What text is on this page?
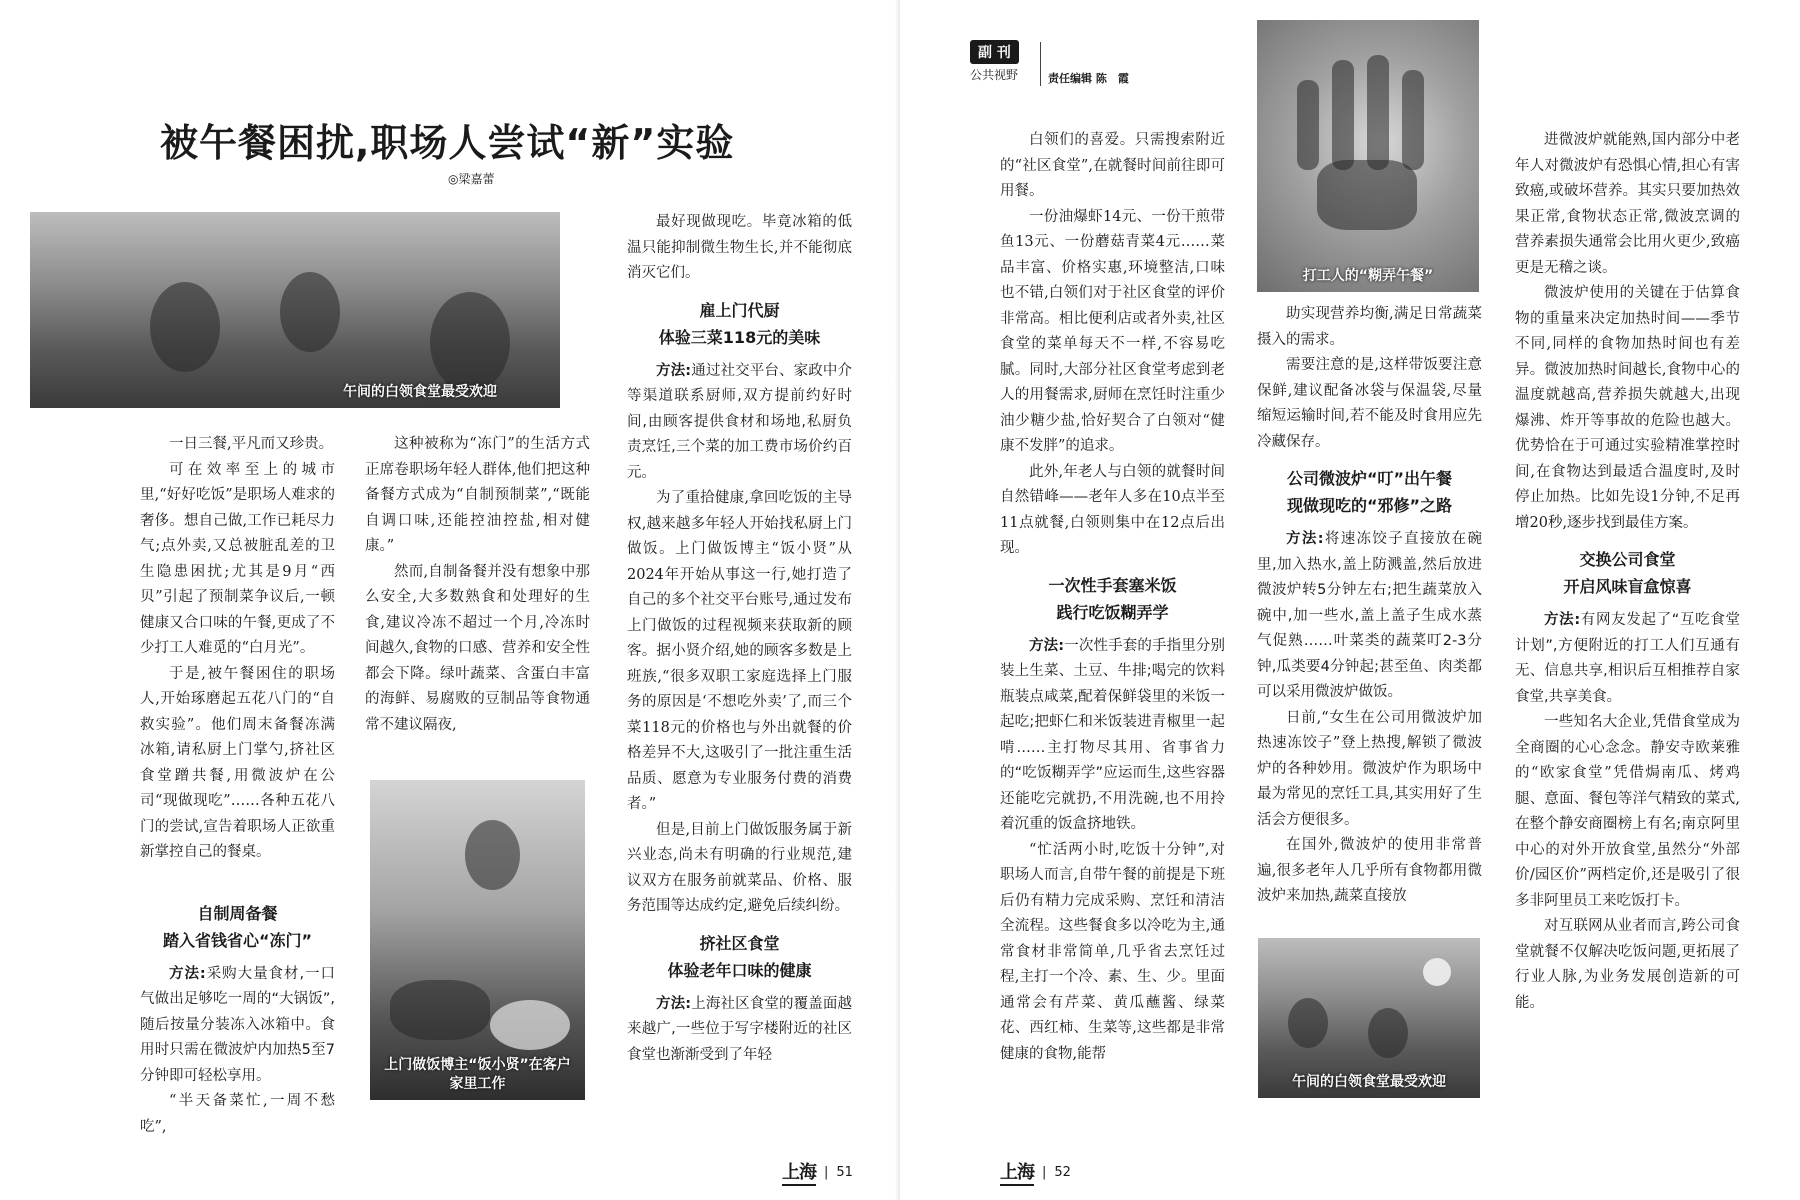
被午餐困扰,职场人尝试“新”实验
◎梁嘉蕾
午间的白领食堂最受欢迎

一日三餐,平凡而又珍贵。

可在效率至上的城市里,“好好吃饭”是职场人难求的奢侈。想自己做,工作已耗尽力气;点外卖,又总被脏乱差的卫生隐患困扰;尤其是9月“西贝”引起了预制菜争议后,一顿健康又合口味的午餐,更成了不少打工人难觅的“白月光”。

于是,被午餐困住的职场人,开始琢磨起五花八门的“自救实验”。他们周末备餐冻满冰箱,请私厨上门掌勺,挤社区食堂蹭共餐,用微波炉在公司“现做现吃”……各种五花八门的尝试,宣告着职场人正欲重新掌控自己的餐桌。

自制周备餐
踏入省钱省心“冻门”

方法:采购大量食材,一口气做出足够吃一周的“大锅饭”,随后按量分装冻入冰箱中。食用时只需在微波炉内加热5至7分钟即可轻松享用。

“半天备菜忙,一周不愁吃”,

这种被称为“冻门”的生活方式正席卷职场年轻人群体,他们把这种备餐方式成为“自制预制菜”,“既能自调口味,还能控油控盐,相对健康。”

然而,自制备餐并没有想象中那么安全,大多数熟食和处理好的生食,建议冷冻不超过一个月,冷冻时间越久,食物的口感、营养和安全性都会下降。绿叶蔬菜、含蛋白丰富的海鲜、易腐败的豆制品等食物通常不建议隔夜,

上门做饭博主“饭小贤”在客户家里工作

最好现做现吃。毕竟冰箱的低温只能抑制微生物生长,并不能彻底消灭它们。

雇上门代厨
体验三菜118元的美味

方法:通过社交平台、家政中介等渠道联系厨师,双方提前约好时间,由顾客提供食材和场地,私厨负责烹饪,三个菜的加工费市场价约百元。

为了重拾健康,拿回吃饭的主导权,越来越多年轻人开始找私厨上门做饭。上门做饭博主“饭小贤”从2024年开始从事这一行,她打造了自己的多个社交平台账号,通过发布上门做饭的过程视频来获取新的顾客。据小贤介绍,她的顾客多数是上班族,“很多双职工家庭选择上门服务的原因是‘不想吃外卖’了,而三个菜118元的价格也与外出就餐的价格差异不大,这吸引了一批注重生活品质、愿意为专业服务付费的消费者。”

但是,目前上门做饭服务属于新兴业态,尚未有明确的行业规范,建议双方在服务前就菜品、价格、服务范围等达成约定,避免后续纠纷。

挤社区食堂
体验老年口味的健康

方法:上海社区食堂的覆盖面越来越广,一些位于写字楼附近的社区食堂也渐渐受到了年轻

上海 | 51
副 刊
公共视野	责任编辑 陈　霞

白领们的喜爱。只需搜索附近的“社区食堂”,在就餐时间前往即可用餐。

一份油爆虾14元、一份干煎带鱼13元、一份蘑菇青菜4元……菜品丰富、价格实惠,环境整洁,口味也不错,白领们对于社区食堂的评价非常高。相比便利店或者外卖,社区食堂的菜单每天不一样,不容易吃腻。同时,大部分社区食堂考虑到老人的用餐需求,厨师在烹饪时注重少油少糖少盐,恰好契合了白领对“健康不发胖”的追求。

此外,年老人与白领的就餐时间自然错峰——老年人多在10点半至11点就餐,白领则集中在12点后出现。

一次性手套塞米饭
践行吃饭糊弄学

方法:一次性手套的手指里分别装上生菜、土豆、牛排;喝完的饮料瓶装点咸菜,配着保鲜袋里的米饭一起吃;把虾仁和米饭装进青椒里一起啃……主打物尽其用、省事省力的“吃饭糊弄学”应运而生,这些容器还能吃完就扔,不用洗碗,也不用拎着沉重的饭盒挤地铁。

“忙活两小时,吃饭十分钟”,对职场人而言,自带午餐的前提是下班后仍有精力完成采购、烹饪和清洁全流程。这些餐食多以冷吃为主,通常食材非常简单,几乎省去烹饪过程,主打一个冷、素、生、少。里面通常会有芹菜、黄瓜蘸酱、绿菜花、西红柿、生菜等,这些都是非常健康的食物,能帮

打工人的“糊弄午餐”

助实现营养均衡,满足日常蔬菜摄入的需求。

需要注意的是,这样带饭要注意保鲜,建议配备冰袋与保温袋,尽量缩短运输时间,若不能及时食用应先冷藏保存。

公司微波炉“叮”出午餐
现做现吃的“邪修”之路

方法:将速冻饺子直接放在碗里,加入热水,盖上防溅盖,然后放进微波炉转5分钟左右;把生蔬菜放入碗中,加一些水,盖上盖子生成水蒸气促熟……叶菜类的蔬菜叮2-3分钟,瓜类要4分钟起;甚至鱼、肉类都可以采用微波炉做饭。

日前,“女生在公司用微波炉加热速冻饺子”登上热搜,解锁了微波炉的各种妙用。微波炉作为职场中最为常见的烹饪工具,其实用好了生活会方便很多。

在国外,微波炉的使用非常普遍,很多老年人几乎所有食物都用微波炉来加热,蔬菜直接放

午间的白领食堂最受欢迎

进微波炉就能熟,国内部分中老年人对微波炉有恐惧心情,担心有害致癌,或破坏营养。其实只要加热效果正常,食物状态正常,微波烹调的营养素损失通常会比用火更少,致癌更是无稽之谈。

微波炉使用的关键在于估算食物的重量来决定加热时间——季节不同,同样的食物加热时间也有差异。微波加热时间越长,食物中心的温度就越高,营养损失就越大,出现爆沸、炸开等事故的危险也越大。优势恰在于可通过实验精准掌控时间,在食物达到最适合温度时,及时停止加热。比如先设1分钟,不足再增20秒,逐步找到最佳方案。

交换公司食堂
开启风味盲盒惊喜

方法:有网友发起了“互吃食堂计划”,方便附近的打工人们互通有无、信息共享,相识后互相推荐自家食堂,共享美食。

一些知名大企业,凭借食堂成为全商圈的心心念念。静安寺欧莱雅的“欧家食堂”凭借焗南瓜、烤鸡腿、意面、餐包等洋气精致的菜式,在整个静安商圈榜上有名;南京阿里中心的对外开放食堂,虽然分“外部价/园区价”两档定价,还是吸引了很多非阿里员工来吃饭打卡。

对互联网从业者而言,跨公司食堂就餐不仅解决吃饭问题,更拓展了行业人脉,为业务发展创造新的可能。

上海 | 52
